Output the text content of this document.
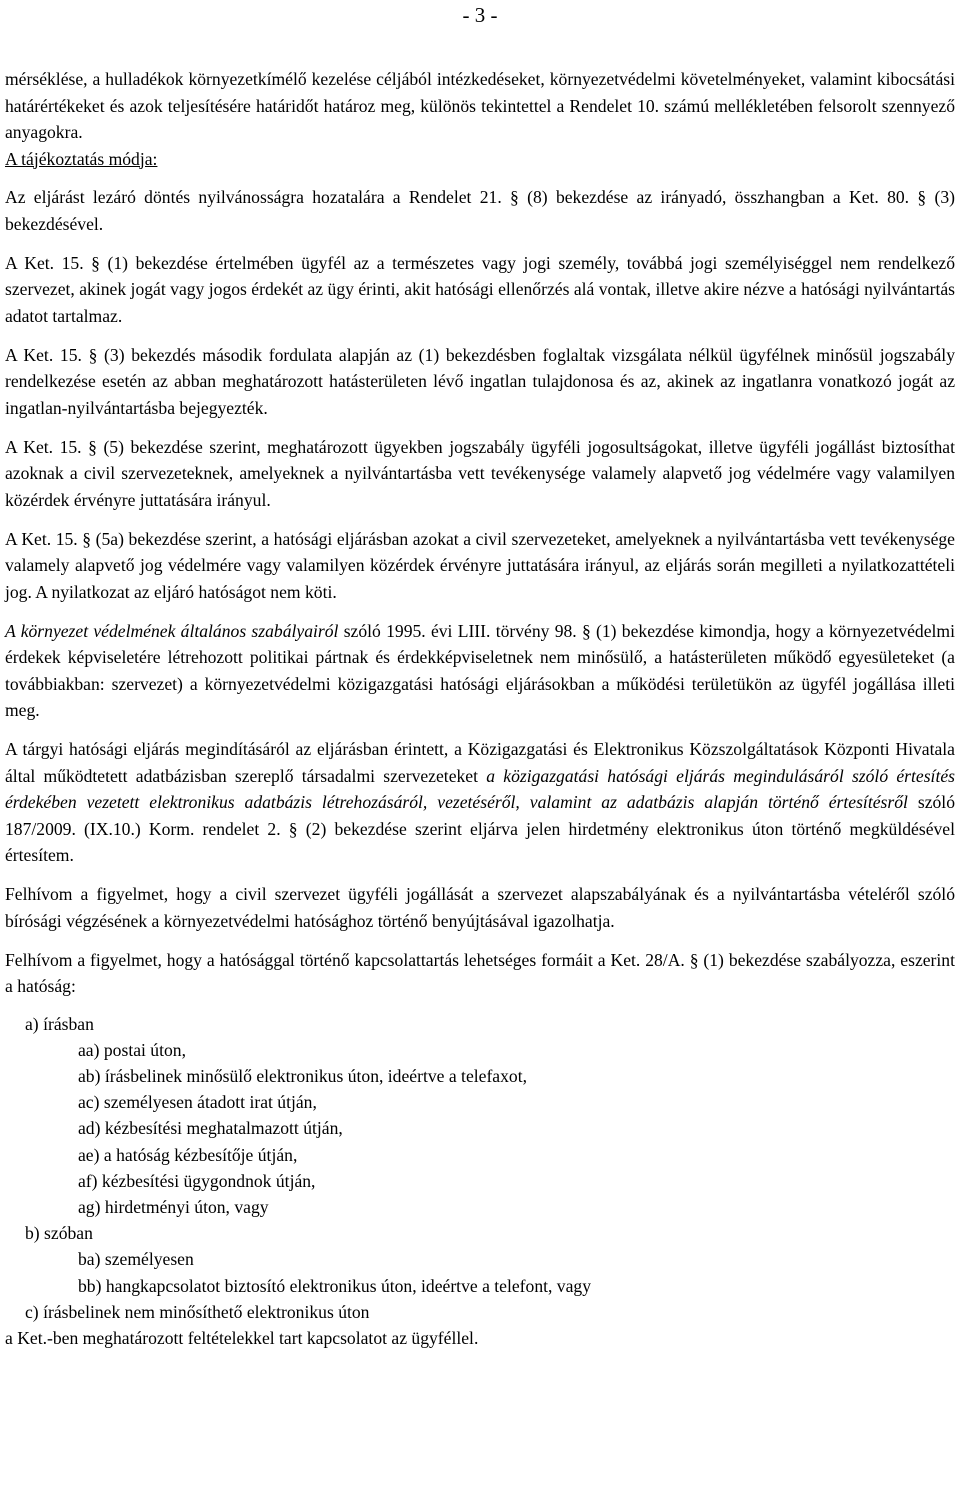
- 3 -

mérséklése, a hulladékok környezetkímélő kezelése céljából intézkedéseket, környezetvédelmi követelményeket, valamint kibocsátási határértékeket és azok teljesítésére határidőt határoz meg, különös tekintettel a Rendelet 10. számú mellékletében felsorolt szennyező anyagokra.

A tájékoztatás módja:

Az eljárást lezáró döntés nyilvánosságra hozatalára a Rendelet 21. § (8) bekezdése az irányadó, összhangban a Ket. 80. § (3) bekezdésével.

A Ket. 15. § (1) bekezdése értelmében ügyfél az a természetes vagy jogi személy, továbbá jogi személyiséggel nem rendelkező szervezet, akinek jogát vagy jogos érdekét az ügy érinti, akit hatósági ellenőrzés alá vontak, illetve akire nézve a hatósági nyilvántartás adatot tartalmaz.

A Ket. 15. § (3) bekezdés második fordulata alapján az (1) bekezdésben foglaltak vizsgálata nélkül ügyfélnek minősül jogszabály rendelkezése esetén az abban meghatározott hatásterületen lévő ingatlan tulajdonosa és az, akinek az ingatlanra vonatkozó jogát az ingatlan-nyilvántartásba bejegyezték.

A Ket. 15. § (5) bekezdése szerint, meghatározott ügyekben jogszabály ügyféli jogosultságokat, illetve ügyféli jogállást biztosíthat azoknak a civil szervezeteknek, amelyeknek a nyilvántartásba vett tevékenysége valamely alapvető jog védelmére vagy valamilyen közérdek érvényre juttatására irányul.

A Ket. 15. § (5a) bekezdése szerint, a hatósági eljárásban azokat a civil szervezeteket, amelyeknek a nyilvántartásba vett tevékenysége valamely alapvető jog védelmére vagy valamilyen közérdek érvényre juttatására irányul, az eljárás során megilleti a nyilatkozattételi jog. A nyilatkozat az eljáró hatóságot nem köti.

A környezet védelmének általános szabályairól szóló 1995. évi LIII. törvény 98. § (1) bekezdése kimondja, hogy a környezetvédelmi érdekek képviseletére létrehozott politikai pártnak és érdekképviseletnek nem minősülő, a hatásterületen működő egyesületeket (a továbbiakban: szervezet) a környezetvédelmi közigazgatási hatósági eljárásokban a működési területükön az ügyfél jogállása illeti meg.

A tárgyi hatósági eljárás megindításáról az eljárásban érintett, a Közigazgatási és Elektronikus Közszolgáltatások Központi Hivatala által működtetett adatbázisban szereplő társadalmi szervezeteket a közigazgatási hatósági eljárás megindulásáról szóló értesítés érdekében vezetett elektronikus adatbázis létrehozásáról, vezetéséről, valamint az adatbázis alapján történő értesítésről szóló 187/2009. (IX.10.) Korm. rendelet 2. § (2) bekezdése szerint eljárva jelen hirdetmény elektronikus úton történő megküldésével értesítem.

Felhívom a figyelmet, hogy a civil szervezet ügyféli jogállását a szervezet alapszabályának és a nyilvántartásba vételéről szóló bírósági végzésének a környezetvédelmi hatósághoz történő benyújtásával igazolhatja.

Felhívom a figyelmet, hogy a hatósággal történő kapcsolattartás lehetséges formáit a Ket. 28/A. § (1) bekezdése szabályozza, eszerint a hatóság:

a) írásban
aa) postai úton,
ab) írásbelinek minősülő elektronikus úton, ideértve a telefaxot,
ac) személyesen átadott irat útján,
ad) kézbesítési meghatalmazott útján,
ae) a hatóság kézbesítője útján,
af) kézbesítési ügygondnok útján,
ag) hirdetményi úton, vagy
b) szóban
ba) személyesen
bb) hangkapcsolatot biztosító elektronikus úton, ideértve a telefont, vagy
c) írásbelinek nem minősíthető elektronikus úton
a Ket.-ben meghatározott feltételekkel tart kapcsolatot az ügyféllel.
